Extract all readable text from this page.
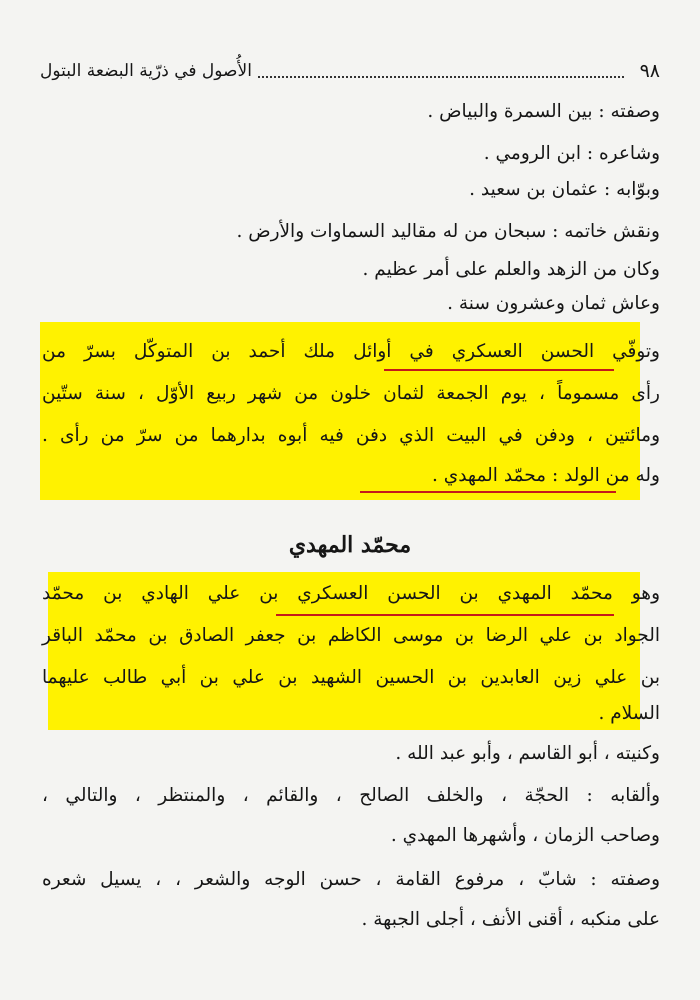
٩٨
الأُصول في ذرّية البضعة البتول
وصفته : بين السمرة والبياض .
وشاعره : ابن الرومي .
وبوّابه : عثمان بن سعيد .
ونقش خاتمه : سبحان من له مقاليد السماوات والأرض .
وكان من الزهد والعلم على أمر عظيم .
وعاش ثمان وعشرون سنة .
وتوفّي الحسن العسكري في أوائل ملك أحمد بن المتوكّل بسرّ من
رأى مسموماً ، يوم الجمعة لثمان خلون من شهر ربيع الأوّل ، سنة ستّين
ومائتين ، ودفن في البيت الذي دفن فيه أبوه بدارهما من سرّ من رأى .
وله من الولد : محمّد المهدي .
محمّد المهدي
وهو محمّد المهدي بن الحسن العسكري بن علي الهادي بن محمّد
الجواد بن علي الرضا بن موسى الكاظم بن جعفر الصادق بن محمّد الباقر
بن علي زين العابدين بن الحسين الشهيد بن علي بن أبي طالب عليهما
السلام .
وكنيته ، أبو القاسم ، وأبو عبد الله .
وألقابه : الحجّة ، والخلف الصالح ، والقائم ، والمنتظر ، والتالي ،
وصاحب الزمان ، وأشهرها المهدي .
وصفته : شابّ ، مرفوع القامة ، حسن الوجه والشعر ، ، يسيل شعره
على منكبه ، أقنى الأنف ، أجلى الجبهة .
